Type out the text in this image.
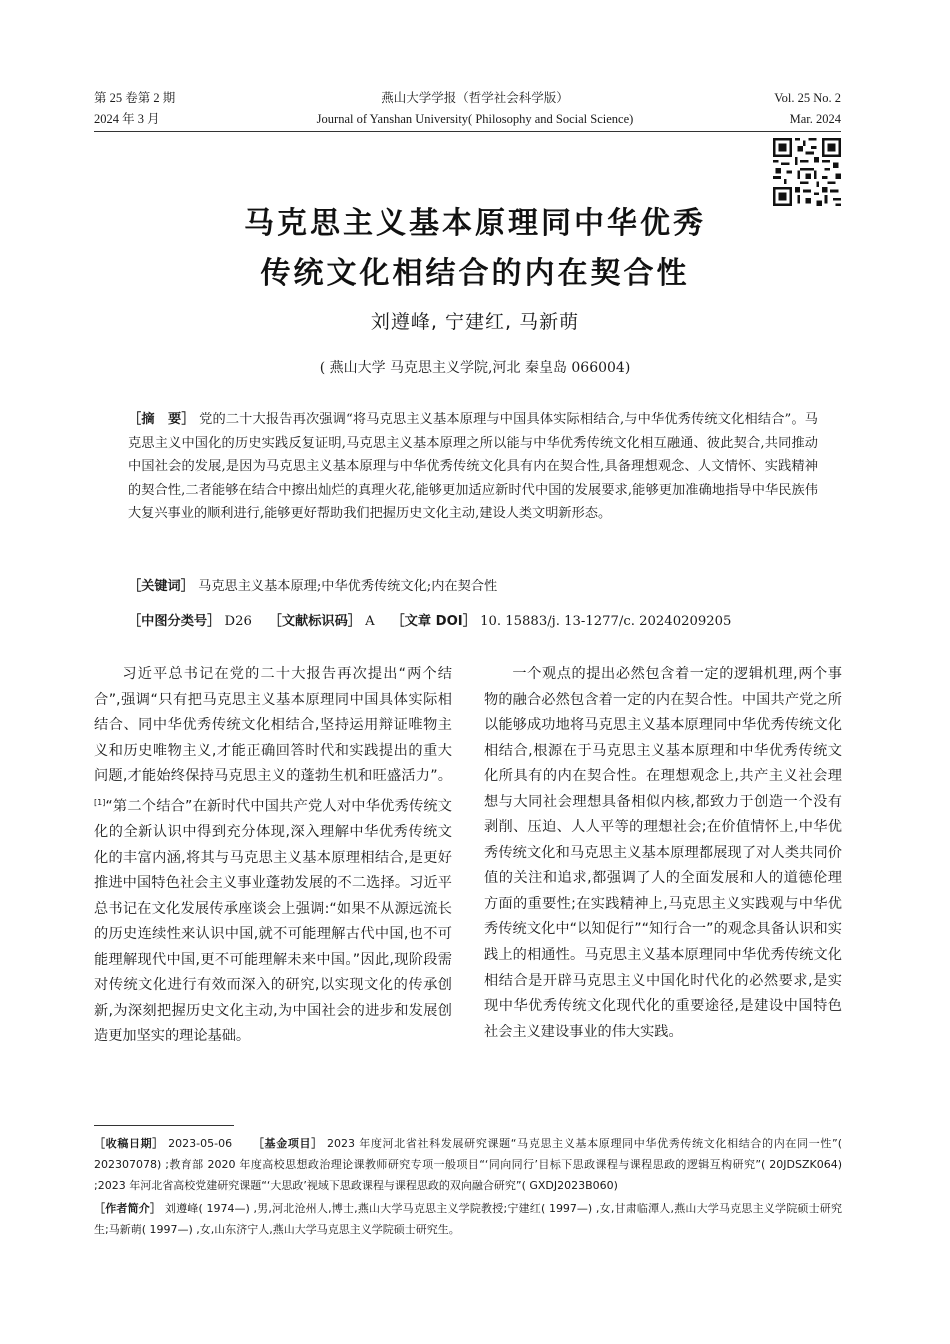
第 25 卷第 2 期
2024 年 3 月
燕山大学学报（哲学社会科学版）
Journal of Yanshan University( Philosophy and Social Science)
Vol. 25 No. 2
Mar. 2024
马克思主义基本原理同中华优秀
传统文化相结合的内在契合性
刘遵峰, 宁建红, 马新萌
( 燕山大学 马克思主义学院,河北 秦皇岛 066004)
［摘　要］ 党的二十大报告再次强调“将马克思主义基本原理与中国具体实际相结合,与中华优秀传统文化相结合”。马克思主义中国化的历史实践反复证明,马克思主义基本原理之所以能与中华优秀传统文化相互融通、彼此契合,共同推动中国社会的发展,是因为马克思主义基本原理与中华优秀传统文化具有内在契合性,具备理想观念、人文情怀、实践精神的契合性,二者能够在结合中擦出灿烂的真理火花,能够更加适应新时代中国的发展要求,能够更加准确地指导中华民族伟大复兴事业的顺利进行,能够更好帮助我们把握历史文化主动,建设人类文明新形态。
［关键词］ 马克思主义基本原理;中华优秀传统文化;内在契合性
［中图分类号］ D26 ［文献标识码］ A ［文章 DOI］ 10. 15883/j. 13-1277/c. 20240209205

习近平总书记在党的二十大报告再次提出“两个结合”,强调“只有把马克思主义基本原理同中国具体实际相结合、同中华优秀传统文化相结合,坚持运用辩证唯物主义和历史唯物主义,才能正确回答时代和实践提出的重大问题,才能始终保持马克思主义的蓬勃生机和旺盛活力”。[1]“第二个结合”在新时代中国共产党人对中华优秀传统文化的全新认识中得到充分体现,深入理解中华优秀传统文化的丰富内涵,将其与马克思主义基本原理相结合,是更好推进中国特色社会主义事业蓬勃发展的不二选择。习近平总书记在文化发展传承座谈会上强调:“如果不从源远流长的历史连续性来认识中国,就不可能理解古代中国,也不可能理解现代中国,更不可能理解未来中国。”因此,现阶段需对传统文化进行有效而深入的研究,以实现文化的传承创新,为深刻把握历史文化主动,为中国社会的进步和发展创造更加坚实的理论基础。

一个观点的提出必然包含着一定的逻辑机理,两个事物的融合必然包含着一定的内在契合性。中国共产党之所以能够成功地将马克思主义基本原理同中华优秀传统文化相结合,根源在于马克思主义基本原理和中华优秀传统文化所具有的内在契合性。在理想观念上,共产主义社会理想与大同社会理想具备相似内核,都致力于创造一个没有剥削、压迫、人人平等的理想社会;在价值情怀上,中华优秀传统文化和马克思主义基本原理都展现了对人类共同价值的关注和追求,都强调了人的全面发展和人的道德伦理方面的重要性;在实践精神上,马克思主义实践观与中华优秀传统文化中“以知促行”“知行合一”的观念具备认识和实践上的相通性。马克思主义基本原理同中华优秀传统文化相结合是开辟马克思主义中国化时代化的必然要求,是实现中华优秀传统文化现代化的重要途径,是建设中国特色社会主义建设事业的伟大实践。

［收稿日期］ 2023-05-06 ［基金项目］ 2023 年度河北省社科发展研究课题“马克思主义基本原理同中华优秀传统文化相结合的内在同一性”( 202307078) ;教育部 2020 年度高校思想政治理论课教师研究专项一般项目“‘同向同行’目标下思政课程与课程思政的逻辑互构研究”( 20JDSZK064) ;2023 年河北省高校党建研究课题“‘大思政’视域下思政课程与课程思政的双向融合研究”( GXDJ2023B060)
［作者简介］ 刘遵峰( 1974—) ,男,河北沧州人,博士,燕山大学马克思主义学院教授;宁建红( 1997—) ,女,甘肃临潭人,燕山大学马克思主义学院硕士研究生;马新萌( 1997—) ,女,山东济宁人,燕山大学马克思主义学院硕士研究生。
